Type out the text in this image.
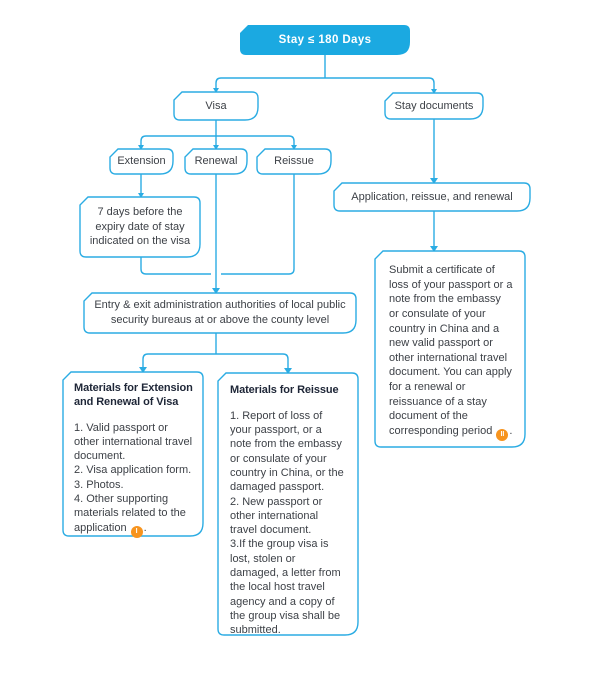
Stay ≤ 180 Days
Visa	Stay documents
Extension	Renewal	Reissue
Application, reissue, and renewal
7 days before the expiry date of stay indicated on the visa
Entry & exit administration authorities of local public security bureaus at or above the county level

Materials for Extension and Renewal of Visa

1. Valid passport or other international travel document.
2. Visa application form.
3. Photos.
4. Other supporting materials related to the application I .

Materials for Reissue

1. Report of loss of your passport, or a note from the embassy or consulate of your country in China, or the damaged passport.
2. New passport or other international travel document.
3.If the group visa is lost, stolen or damaged, a letter from the local host travel agency and a copy of the group visa shall be submitted.
Submit a certificate of loss of your passport or a note from the embassy or consulate of your country in China and a new valid passport or other international travel document. You can apply for a renewal or reissuance of a stay document of the corresponding period II .
